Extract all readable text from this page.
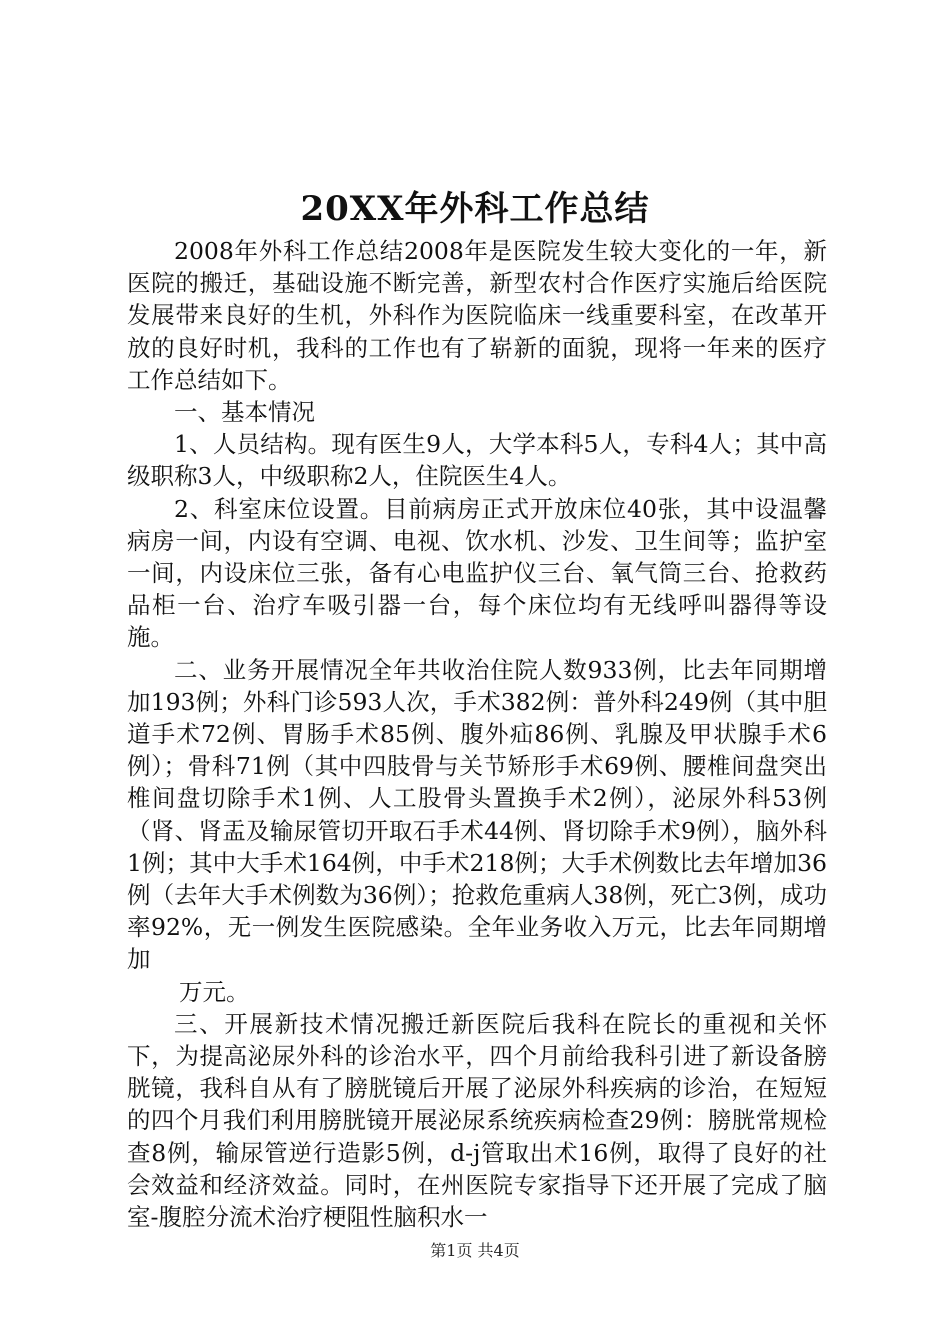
20XX年外科工作总结

2008年外科工作总结2008年是医院发生较大变化的一年，新医院的搬迁，基础设施不断完善，新型农村合作医疗实施后给医院发展带来良好的生机，外科作为医院临床一线重要科室，在改革开放的良好时机，我科的工作也有了崭新的面貌，现将一年来的医疗工作总结如下。

一、基本情况

1、人员结构。现有医生9人，大学本科5人，专科4人；其中高级职称3人，中级职称2人，住院医生4人。

2、科室床位设置。目前病房正式开放床位40张，其中设温馨病房一间，内设有空调、电视、饮水机、沙发、卫生间等；监护室一间，内设床位三张，备有心电监护仪三台、氧气筒三台、抢救药品柜一台、治疗车吸引器一台，每个床位均有无线呼叫器得等设施。

二、业务开展情况全年共收治住院人数933例，比去年同期增加193例；外科门诊593人次，手术382例：普外科249例（其中胆道手术72例、胃肠手术85例、腹外疝86例、乳腺及甲状腺手术6例）；骨科71例（其中四肢骨与关节矫形手术69例、腰椎间盘突出椎间盘切除手术1例、人工股骨头置换手术2例），泌尿外科53例（肾、肾盂及输尿管切开取石手术44例、肾切除手术9例），脑外科1例；其中大手术164例，中手术218例；大手术例数比去年增加36例（去年大手术例数为36例）；抢救危重病人38例，死亡3例，成功率92%，无一例发生医院感染。全年业务收入万元，比去年同期增加

万元。

三、开展新技术情况搬迁新医院后我科在院长的重视和关怀下，为提高泌尿外科的诊治水平，四个月前给我科引进了新设备膀胱镜，我科自从有了膀胱镜后开展了泌尿外科疾病的诊治，在短短的四个月我们利用膀胱镜开展泌尿系统疾病检查29例：膀胱常规检查8例，输尿管逆行造影5例，d-j管取出术16例，取得了良好的社会效益和经济效益。同时，在州医院专家指导下还开展了完成了脑室-腹腔分流术治疗梗阻性脑积水一

第1页 共4页
